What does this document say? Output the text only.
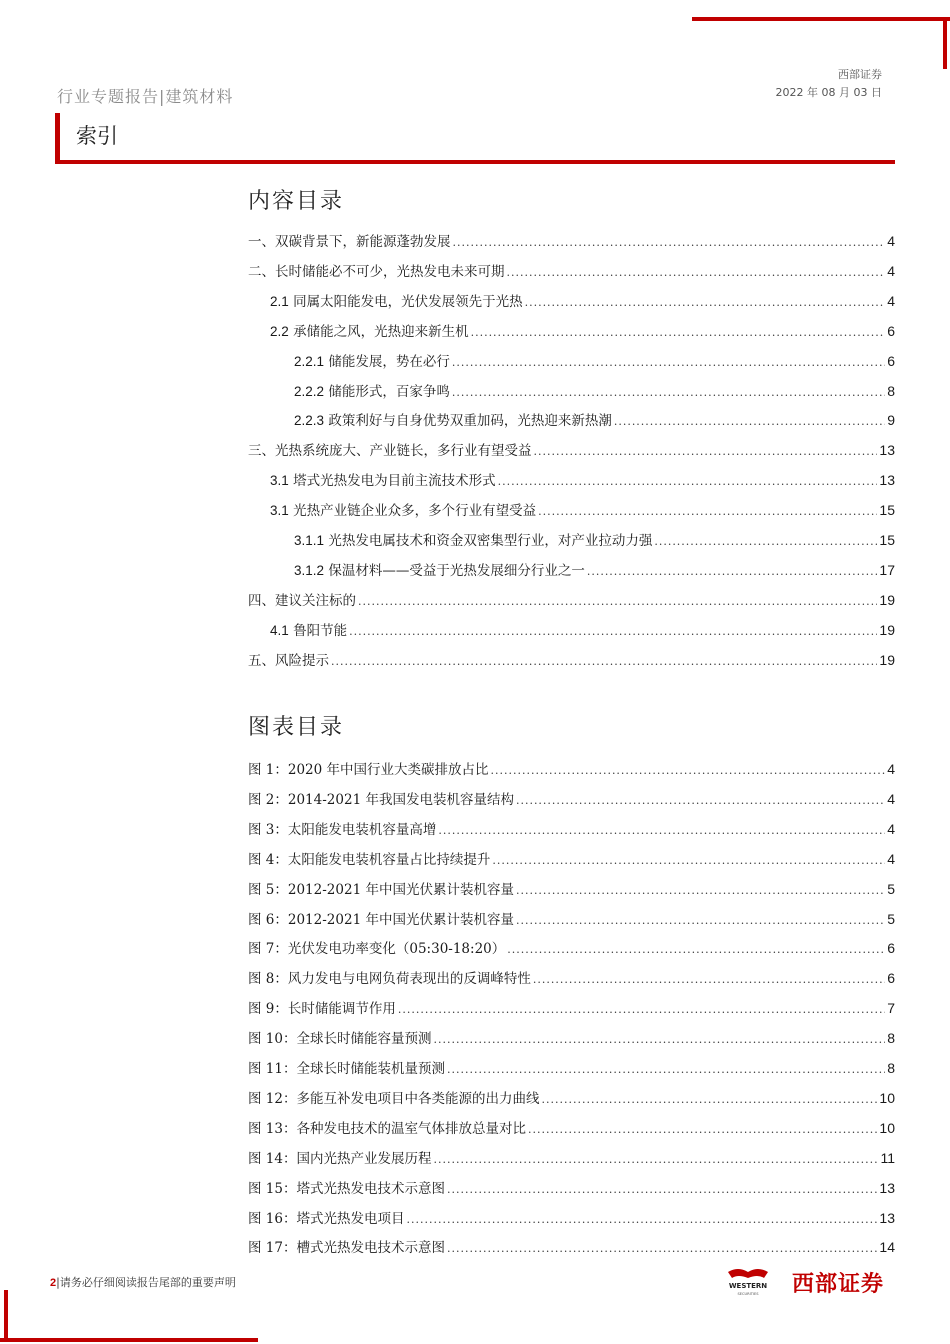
行业专题报告|建筑材料
西部证券
2022 年 08 月 03 日
索引
内容目录
一、双碳背景下，新能源蓬勃发展 .....	4
二、长时储能必不可少，光热发电未来可期 .....	4
2.1 同属太阳能发电，光伏发展领先于光热 .....	4
2.2 承储能之风，光热迎来新生机 .....	6
2.2.1 储能发展，势在必行 .....	6
2.2.2 储能形式，百家争鸣 .....	8
2.2.3 政策利好与自身优势双重加码，光热迎来新热潮 .....	9
三、光热系统庞大、产业链长，多行业有望受益 .....	13
3.1 塔式光热发电为目前主流技术形式 .....	13
3.1 光热产业链企业众多，多个行业有望受益 .....	15
3.1.1 光热发电属技术和资金双密集型行业，对产业拉动力强 .....	15
3.1.2 保温材料——受益于光热发展细分行业之一 .....	17
四、建议关注标的 .....	19
4.1 鲁阳节能 .....	19
五、风险提示 .....	19
图表目录
图 1：2020 年中国行业大类碳排放占比 .....	4
图 2：2014-2021 年我国发电装机容量结构 .....	4
图 3：太阳能发电装机容量高增 .....	4
图 4：太阳能发电装机容量占比持续提升 .....	4
图 5：2012-2021 年中国光伏累计装机容量 .....	5
图 6：2012-2021 年中国光伏累计装机容量 .....	5
图 7：光伏发电功率变化（05:30-18:20） .....	6
图 8：风力发电与电网负荷表现出的反调峰特性 .....	6
图 9：长时储能调节作用 .....	7
图 10：全球长时储能容量预测 .....	8
图 11：全球长时储能装机量预测 .....	8
图 12：多能互补发电项目中各类能源的出力曲线 .....	10
图 13：各种发电技术的温室气体排放总量对比 .....	10
图 14：国内光热产业发展历程 .....	11
图 15：塔式光热发电技术示意图 .....	13
图 16：塔式光热发电项目 .....	13
图 17：槽式光热发电技术示意图 .....	14
2|请务必仔细阅读报告尾部的重要声明	WESTERN
SECURITIES 西部证券
